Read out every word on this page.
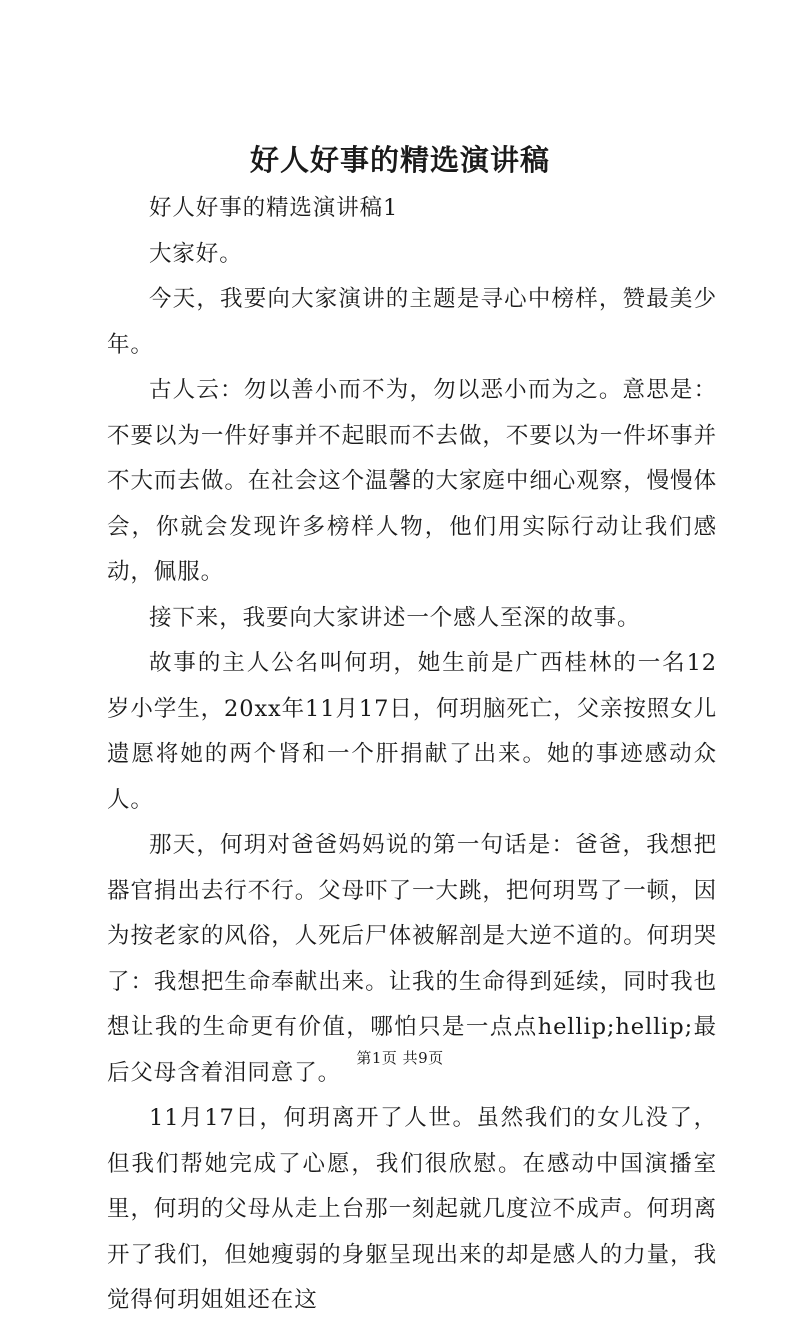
好人好事的精选演讲稿

好人好事的精选演讲稿1

大家好。

今天，我要向大家演讲的主题是寻心中榜样，赞最美少年。

古人云：勿以善小而不为，勿以恶小而为之。意思是：不要以为一件好事并不起眼而不去做，不要以为一件坏事并不大而去做。在社会这个温馨的大家庭中细心观察，慢慢体会，你就会发现许多榜样人物，他们用实际行动让我们感动，佩服。

接下来，我要向大家讲述一个感人至深的故事。

故事的主人公名叫何玥，她生前是广西桂林的一名12岁小学生，20xx年11月17日，何玥脑死亡，父亲按照女儿遗愿将她的两个肾和一个肝捐献了出来。她的事迹感动众人。

那天，何玥对爸爸妈妈说的第一句话是：爸爸，我想把器官捐出去行不行。父母吓了一大跳，把何玥骂了一顿，因为按老家的风俗，人死后尸体被解剖是大逆不道的。何玥哭了：我想把生命奉献出来。让我的生命得到延续，同时我也想让我的生命更有价值，哪怕只是一点点hellip;hellip;最后父母含着泪同意了。

11月17日，何玥离开了人世。虽然我们的女儿没了，但我们帮她完成了心愿，我们很欣慰。在感动中国演播室里，何玥的父母从走上台那一刻起就几度泣不成声。何玥离开了我们，但她瘦弱的身躯呈现出来的却是感人的力量，我觉得何玥姐姐还在这

第1页 共9页
